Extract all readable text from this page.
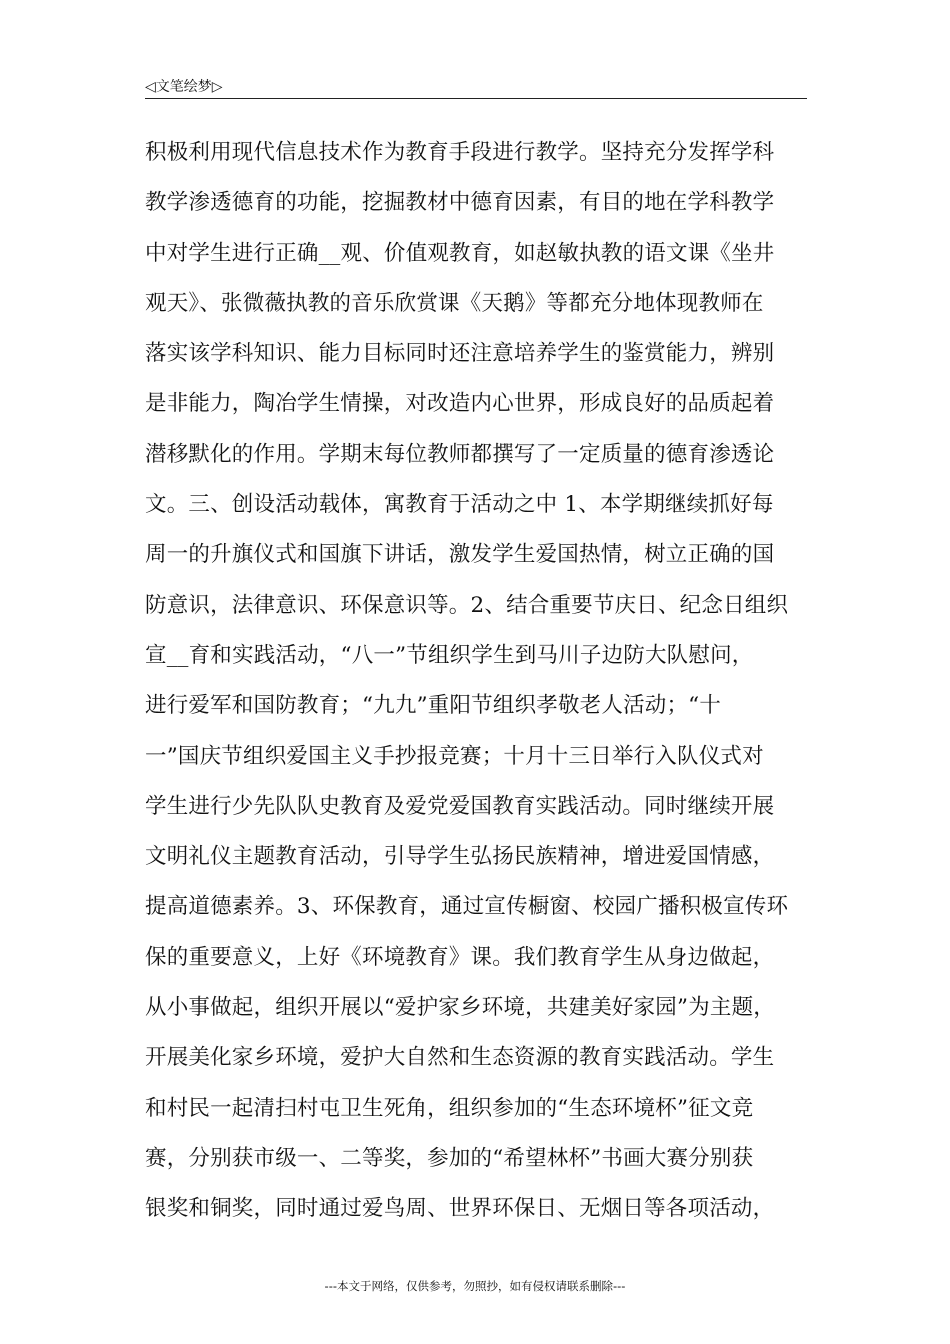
◁文笔绘梦▷
积极利用现代信息技术作为教育手段进行教学。坚持充分发挥学科
教学渗透德育的功能，挖掘教材中德育因素，有目的地在学科教学
中对学生进行正确__观、价值观教育，如赵敏执教的语文课《坐井
观天》、张微薇执教的音乐欣赏课《天鹅》等都充分地体现教师在
落实该学科知识、能力目标同时还注意培养学生的鉴赏能力，辨别
是非能力，陶冶学生情操，对改造内心世界，形成良好的品质起着
潜移默化的作用。学期末每位教师都撰写了一定质量的德育渗透论
文。三、创设活动载体，寓教育于活动之中 1、本学期继续抓好每
周一的升旗仪式和国旗下讲话，激发学生爱国热情，树立正确的国
防意识，法律意识、环保意识等。2、结合重要节庆日、纪念日组织
宣__育和实践活动，“八一”节组织学生到马川子边防大队慰问，
进行爱军和国防教育；“九九”重阳节组织孝敬老人活动；“十
一”国庆节组织爱国主义手抄报竞赛；十月十三日举行入队仪式对
学生进行少先队队史教育及爱党爱国教育实践活动。同时继续开展
文明礼仪主题教育活动，引导学生弘扬民族精神，增进爱国情感，
提高道德素养。3、环保教育，通过宣传橱窗、校园广播积极宣传环
保的重要意义，上好《环境教育》课。我们教育学生从身边做起，
从小事做起，组织开展以“爱护家乡环境，共建美好家园”为主题，
开展美化家乡环境，爱护大自然和生态资源的教育实践活动。学生
和村民一起清扫村屯卫生死角，组织参加的“生态环境杯”征文竞
赛，分别获市级一、二等奖，参加的“希望林杯”书画大赛分别获
银奖和铜奖，同时通过爱鸟周、世界环保日、无烟日等各项活动，
---本文于网络，仅供参考，勿照抄，如有侵权请联系删除---
